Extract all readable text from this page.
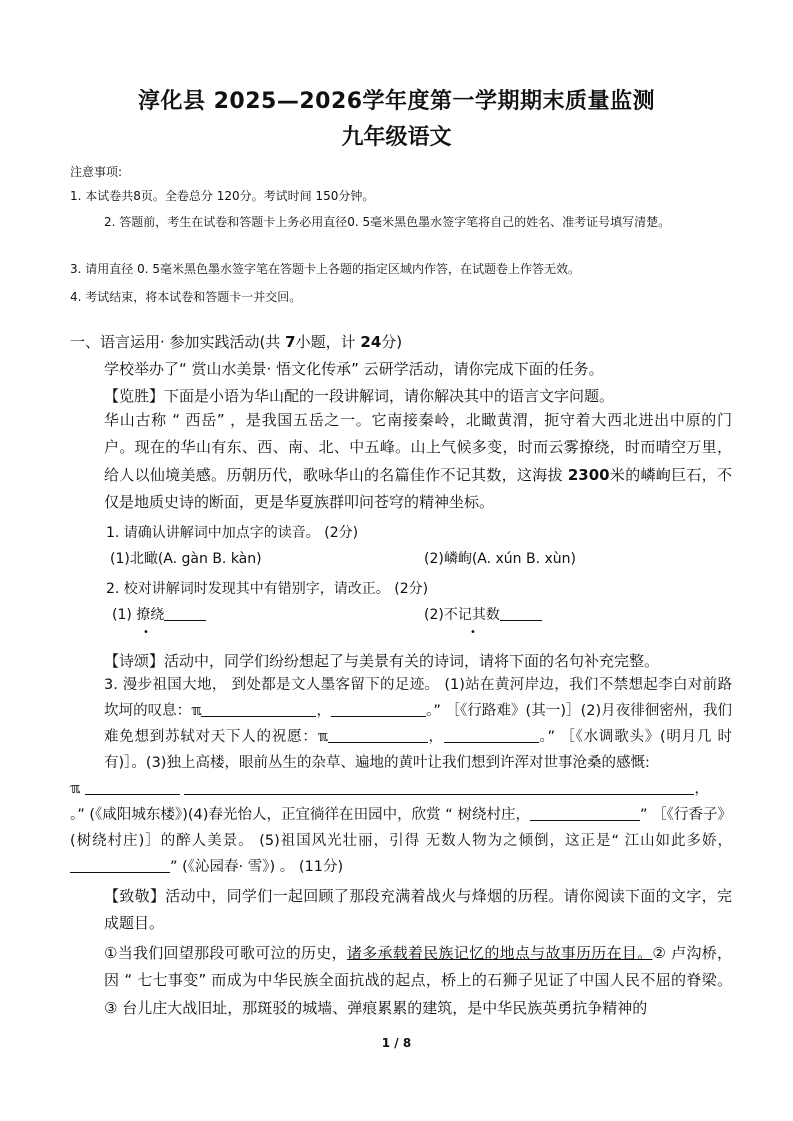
淳化县 2025—2026学年度第一学期期末质量监测
九年级语文
注意事项:
1. 本试卷共8页。全卷总分 120分。考试时间 150分钟。
2. 答题前，考生在试卷和答题卡上务必用直径0. 5毫米黑色墨水签字笔将自己的姓名、准考证号填写清楚。
3. 请用直径 0. 5毫米黑色墨水签字笔在答题卡上各题的指定区域内作答，在试题卷上作答无效。
4. 考试结束，将本试卷和答题卡一并交回。
一、语言运用· 参加实践活动(共 7小题，计 24分)
学校举办了“ 赏山水美景· 悟文化传承” 云研学活动，请你完成下面的任务。
【览胜】下面是小语为华山配的一段讲解词，请你解决其中的语言文字问题。
华山古称 “ 西岳” ，是我国五岳之一。它南接秦岭，北瞰黄渭，扼守着大西北进出中原的门户。现在的华山有东、西、南、北、中五峰。山上气候多变，时而云雾撩绕，时而晴空万里，给人以仙境美感。历朝历代，歌咏华山的名篇佳作不记其数，这海拔 2300米的嶙峋巨石，不仅是地质史诗的断面，更是华夏族群叩问苍穹的精神坐标。
1. 请确认讲解词中加点字的读音。 (2分)
(1)北瞰(A. gàn B. kàn)	(2)嶙峋(A. xún B. xùn)
2. 校对讲解词时发现其中有错别字，请改正。 (2分)
(1) 撩绕	(2)不记其数
•	•
【诗颂】活动中，同学们纷纷想起了与美景有关的诗词，请将下面的名句补充完整。
3. 漫步祖国大地， 到处都是文人墨客留下的足迹。 (1)站在黄河岸边，我们不禁想起李白对前路坎坷的叹息：ℼ	，	。” ［《行路难》(其一)］(2)月夜徘徊密州，我们难免想到苏轼对天下人的祝愿：ℼ	，	。” ［《水调歌头》(明月几 时有)］。(3)独上高楼，眼前丛生的杂草、遍地的黄叶让我们想到许浑对世事沧桑的感慨:
ℼ	，
。” (《咸阳城东楼》)(4)春光怡人，正宜徜徉在田园中，欣赏 “ 树绕村庄，	” ［《行香子》 (树绕村庄)］的醉人美景。 (5)祖国风光壮丽，引得 无数人物为之倾倒，这正是“ 江山如此多娇，” (《沁园春· 雪》) 。 (11分)
【致敬】活动中，同学们一起回顾了那段充满着战火与烽烟的历程。请你阅读下面的文字，完成题目。
①当我们回望那段可歌可泣的历史，诸多承载着民族记忆的地点与故事历历在目。② 卢沟桥，因 “ 七七事变” 而成为中华民族全面抗战的起点，桥上的石狮子见证了中国人民不屈的脊梁。 ③ 台儿庄大战旧址，那斑驳的城墙、弹痕累累的建筑，是中华民族英勇抗争精神的
1 / 8
